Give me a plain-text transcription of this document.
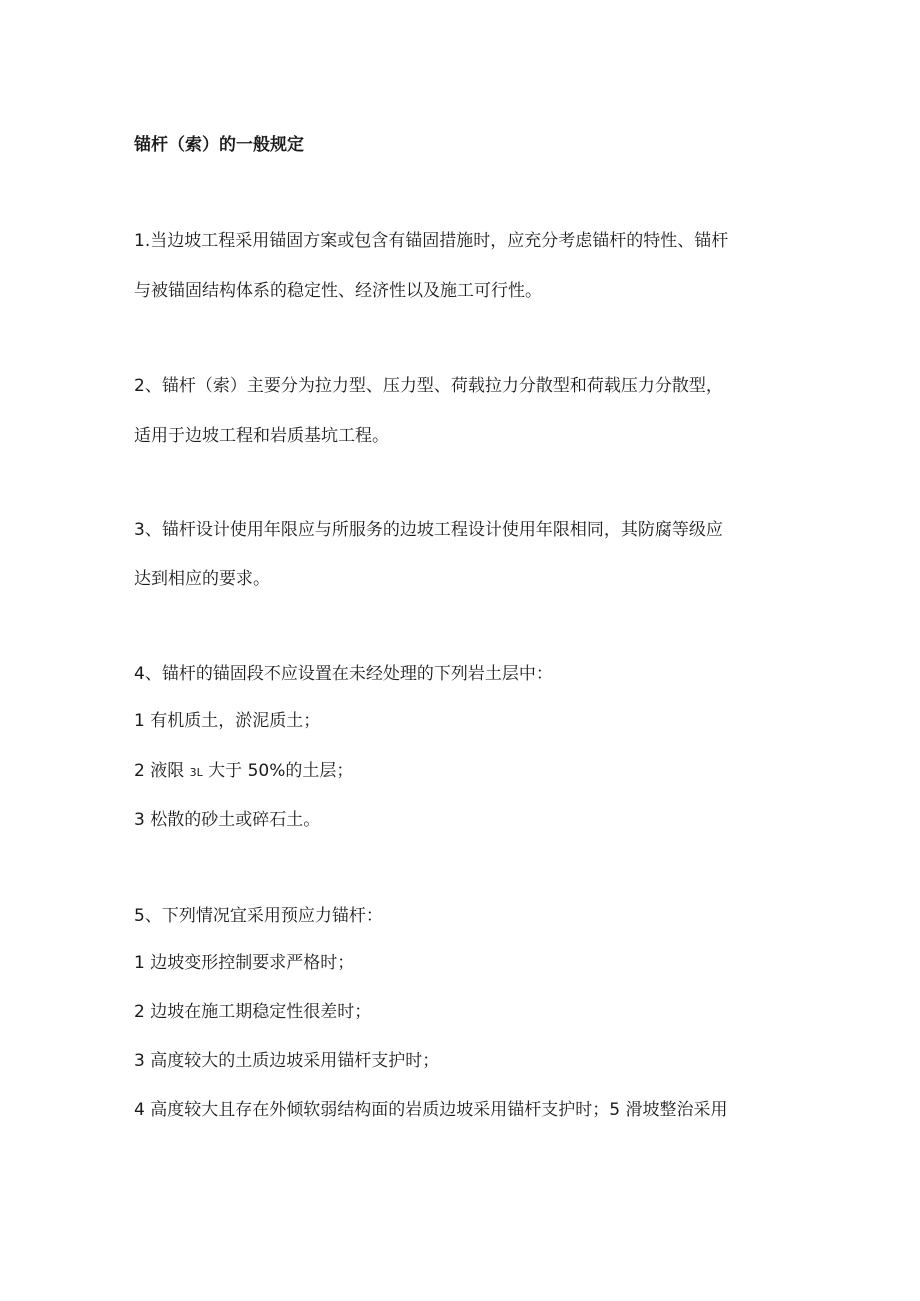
锚杆（索）的一般规定
1.当边坡工程采用锚固方案或包含有锚固措施时，应充分考虑锚杆的特性、锚杆
与被锚固结构体系的稳定性、经济性以及施工可行性。
2、锚杆（索）主要分为拉力型、压力型、荷载拉力分散型和荷载压力分散型，
适用于边坡工程和岩质基坑工程。
3、锚杆设计使用年限应与所服务的边坡工程设计使用年限相同，其防腐等级应
达到相应的要求。
4、锚杆的锚固段不应设置在未经处理的下列岩土层中：
1 有机质土，淤泥质土；
2 液限 3L 大于 50%的土层；
3 松散的砂土或碎石土。
5、下列情况宜采用预应力锚杆：
1 边坡变形控制要求严格时；
2 边坡在施工期稳定性很差时；
3 高度较大的土质边坡采用锚杆支护时；
4 高度较大且存在外倾软弱结构面的岩质边坡采用锚杆支护时；5 滑坡整治采用
